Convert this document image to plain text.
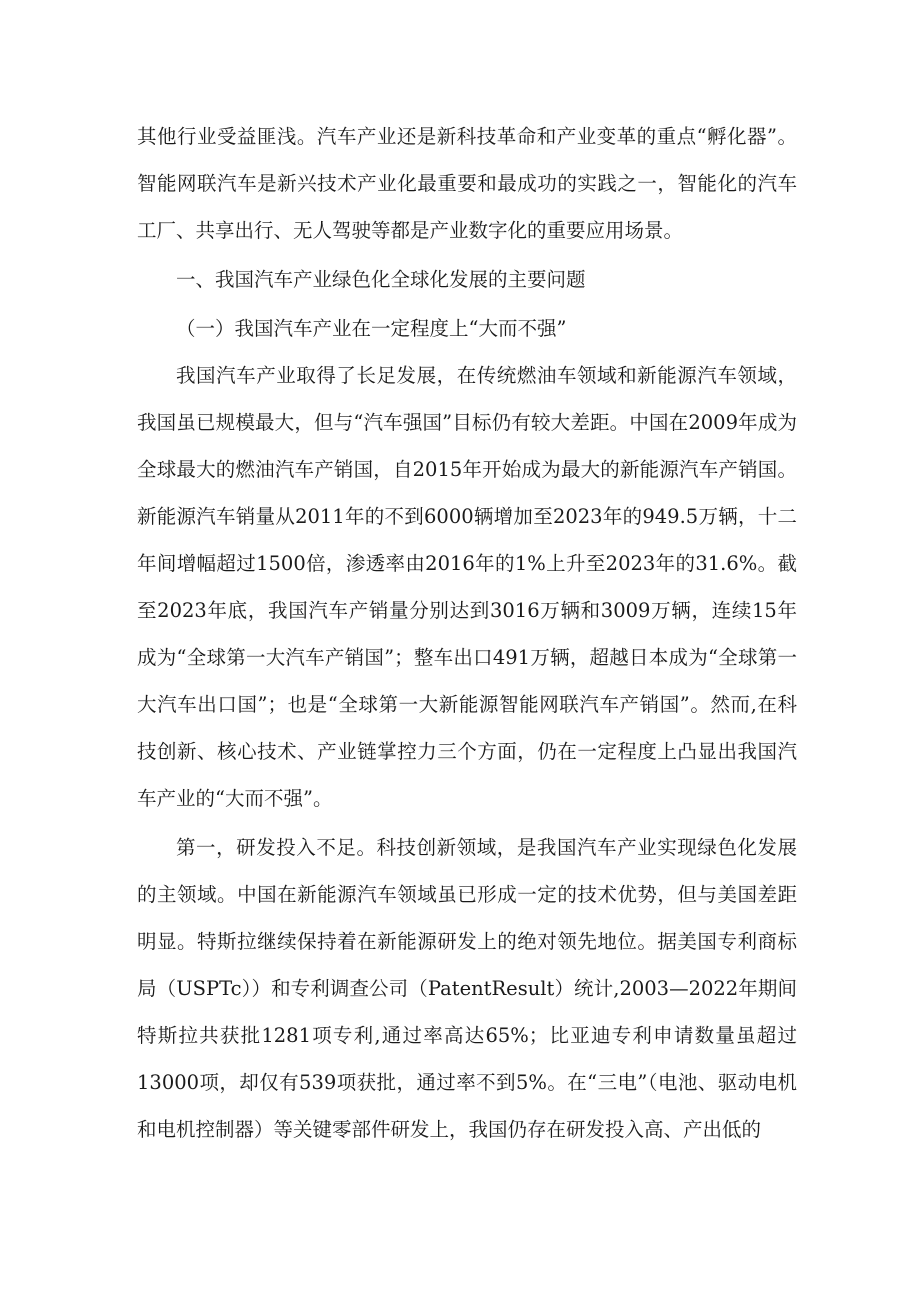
其他行业受益匪浅。汽车产业还是新科技革命和产业变革的重点“孵化器”。智能网联汽车是新兴技术产业化最重要和最成功的实践之一，智能化的汽车工厂、共享出行、无人驾驶等都是产业数字化的重要应用场景。

一、我国汽车产业绿色化全球化发展的主要问题

（一）我国汽车产业在一定程度上“大而不强”

我国汽车产业取得了长足发展，在传统燃油车领域和新能源汽车领域，我国虽已规模最大，但与“汽车强国”目标仍有较大差距。中国在2009年成为全球最大的燃油汽车产销国，自2015年开始成为最大的新能源汽车产销国。新能源汽车销量从2011年的不到6000辆增加至2023年的949.5万辆，十二年间增幅超过1500倍，渗透率由2016年的1%上升至2023年的31.6%。截至2023年底，我国汽车产销量分别达到3016万辆和3009万辆，连续15年成为“全球第一大汽车产销国”；整车出口491万辆，超越日本成为“全球第一大汽车出口国”；也是“全球第一大新能源智能网联汽车产销国”。然而,在科技创新、核心技术、产业链掌控力三个方面，仍在一定程度上凸显出我国汽车产业的“大而不强”。

第一，研发投入不足。科技创新领域，是我国汽车产业实现绿色化发展的主领域。中国在新能源汽车领域虽已形成一定的技术优势，但与美国差距明显。特斯拉继续保持着在新能源研发上的绝对领先地位。据美国专利商标局（USPTc））和专利调查公司（PatentResult）统计,2003—2022年期间特斯拉共获批1281项专利,通过率高达65%；比亚迪专利申请数量虽超过13000项，却仅有539项获批，通过率不到5%。在“三电”（电池、驱动电机和电机控制器）等关键零部件研发上，我国仍存在研发投入高、产出低的
